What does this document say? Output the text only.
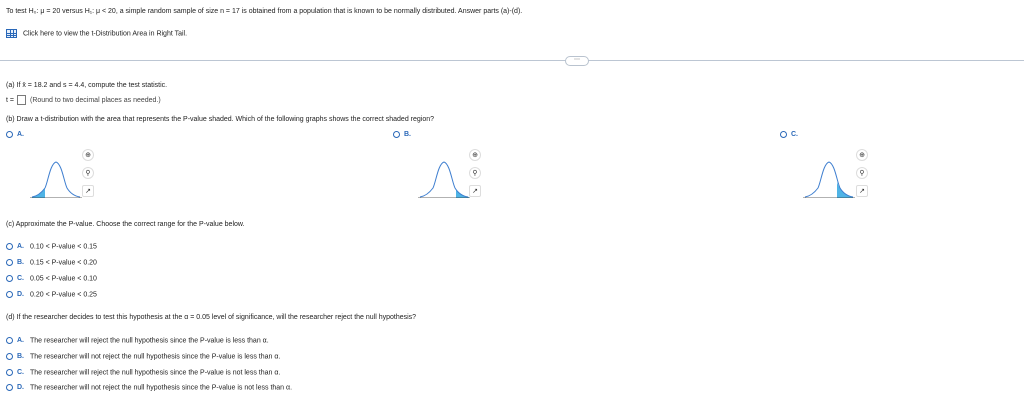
To test H₀: μ = 20 versus H₁: μ < 20, a simple random sample of size n = 17 is obtained from a population that is known to be normally distributed. Answer parts (a)-(d).
Click here to view the t-Distribution Area in Right Tail.
⋯
(a) If x̄ = 18.2 and s = 4.4, compute the test statistic.
t = (Round to two decimal places as needed.)
(b) Draw a t-distribution with the area that represents the P-value shaded. Which of the following graphs shows the correct shaded region?
A.	B.	C.
⊕
⚲
↗
⊕
⚲
↗
⊕
⚲
↗
(c) Approximate the P-value. Choose the correct range for the P-value below.
A. 0.10 < P-value < 0.15
B. 0.15 < P-value < 0.20
C. 0.05 < P-value < 0.10
D. 0.20 < P-value < 0.25
(d) If the researcher decides to test this hypothesis at the α = 0.05 level of significance, will the researcher reject the null hypothesis?
A. The researcher will reject the null hypothesis since the P-value is less than α.
B. The researcher will not reject the null hypothesis since the P-value is less than α.
C. The researcher will reject the null hypothesis since the P-value is not less than α.
D. The researcher will not reject the null hypothesis since the P-value is not less than α.
